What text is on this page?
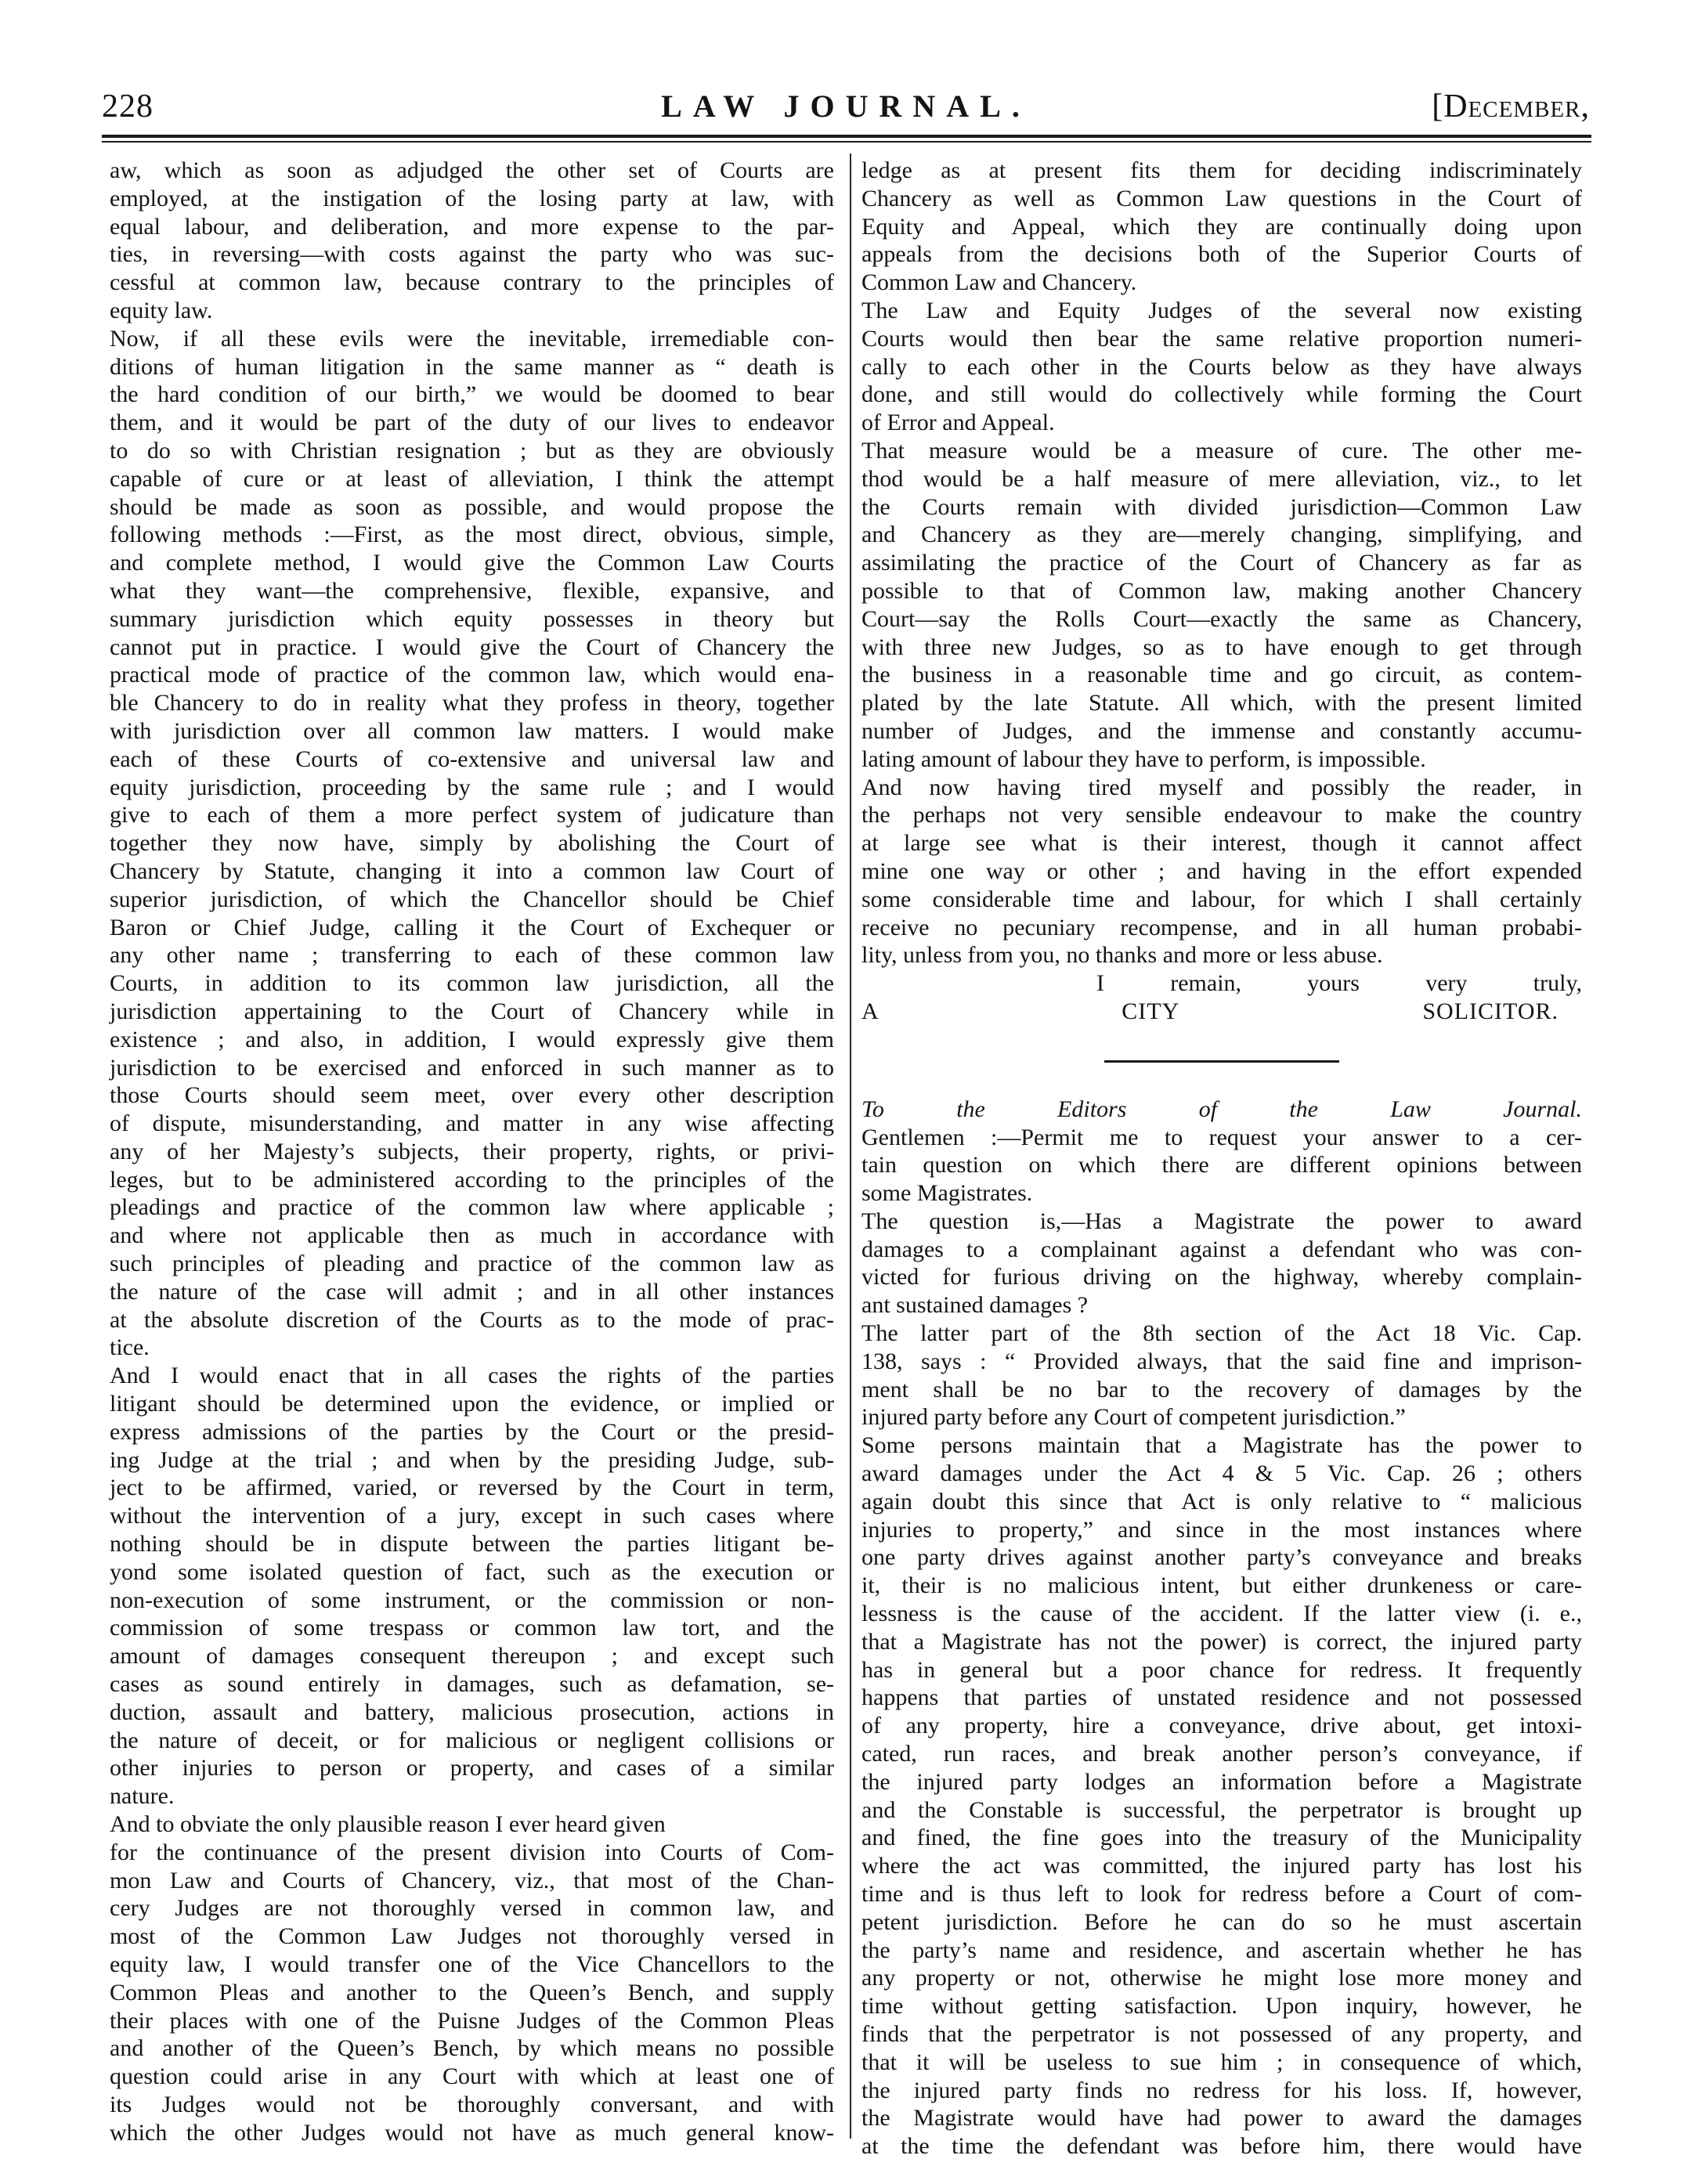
228	LAW JOURNAL.	[December,

aw, which as soon as adjudged the other set of Courts are

employed, at the instigation of the losing party at law, with

equal labour, and deliberation, and more expense to the par-

ties, in reversing—with costs against the party who was suc-

cessful at common law, because contrary to the principles of

equity law.

Now, if all these evils were the inevitable, irremediable con-

ditions of human litigation in the same manner as “ death is

the hard condition of our birth,” we would be doomed to bear

them, and it would be part of the duty of our lives to endeavor

to do so with Christian resignation ; but as they are obviously

capable of cure or at least of alleviation, I think the attempt

should be made as soon as possible, and would propose the

following methods :—First, as the most direct, obvious, simple,

and complete method, I would give the Common Law Courts

what they want—the comprehensive, flexible, expansive, and

summary jurisdiction which equity possesses in theory but

cannot put in practice. I would give the Court of Chancery the

practical mode of practice of the common law, which would ena-

ble Chancery to do in reality what they profess in theory, together

with jurisdiction over all common law matters. I would make

each of these Courts of co-extensive and universal law and

equity jurisdiction, proceeding by the same rule ; and I would

give to each of them a more perfect system of judicature than

together they now have, simply by abolishing the Court of

Chancery by Statute, changing it into a common law Court of

superior jurisdiction, of which the Chancellor should be Chief

Baron or Chief Judge, calling it the Court of Exchequer or

any other name ; transferring to each of these common law

Courts, in addition to its common law jurisdiction, all the

jurisdiction appertaining to the Court of Chancery while in

existence ; and also, in addition, I would expressly give them

jurisdiction to be exercised and enforced in such manner as to

those Courts should seem meet, over every other description

of dispute, misunderstanding, and matter in any wise affecting

any of her Majesty’s subjects, their property, rights, or privi-

leges, but to be administered according to the principles of the

pleadings and practice of the common law where applicable ;

and where not applicable then as much in accordance with

such principles of pleading and practice of the common law as

the nature of the case will admit ; and in all other instances

at the absolute discretion of the Courts as to the mode of prac-

tice.

And I would enact that in all cases the rights of the parties

litigant should be determined upon the evidence, or implied or

express admissions of the parties by the Court or the presid-

ing Judge at the trial ; and when by the presiding Judge, sub-

ject to be affirmed, varied, or reversed by the Court in term,

without the intervention of a jury, except in such cases where

nothing should be in dispute between the parties litigant be-

yond some isolated question of fact, such as the execution or

non-execution of some instrument, or the commission or non-

commission of some trespass or common law tort, and the

amount of damages consequent thereupon ; and except such

cases as sound entirely in damages, such as defamation, se-

duction, assault and battery, malicious prosecution, actions in

the nature of deceit, or for malicious or negligent collisions or

other injuries to person or property, and cases of a similar

nature.

And to obviate the only plausible reason I ever heard given

for the continuance of the present division into Courts of Com-

mon Law and Courts of Chancery, viz., that most of the Chan-

cery Judges are not thoroughly versed in common law, and

most of the Common Law Judges not thoroughly versed in

equity law, I would transfer one of the Vice Chancellors to the

Common Pleas and another to the Queen’s Bench, and supply

their places with one of the Puisne Judges of the Common Pleas

and another of the Queen’s Bench, by which means no possible

question could arise in any Court with which at least one of

its Judges would not be thoroughly conversant, and with

which the other Judges would not have as much general know-

ledge as at present fits them for deciding indiscriminately

Chancery as well as Common Law questions in the Court of

Equity and Appeal, which they are continually doing upon

appeals from the decisions both of the Superior Courts of

Common Law and Chancery.

The Law and Equity Judges of the several now existing

Courts would then bear the same relative proportion numeri-

cally to each other in the Courts below as they have always

done, and still would do collectively while forming the Court

of Error and Appeal.

That measure would be a measure of cure. The other me-

thod would be a half measure of mere alleviation, viz., to let

the Courts remain with divided jurisdiction—Common Law

and Chancery as they are—merely changing, simplifying, and

assimilating the practice of the Court of Chancery as far as

possible to that of Common law, making another Chancery

Court—say the Rolls Court—exactly the same as Chancery,

with three new Judges, so as to have enough to get through

the business in a reasonable time and go circuit, as contem-

plated by the late Statute. All which, with the present limited

number of Judges, and the immense and constantly accumu-

lating amount of labour they have to perform, is impossible.

And now having tired myself and possibly the reader, in

the perhaps not very sensible endeavour to make the country

at large see what is their interest, though it cannot affect

mine one way or other ; and having in the effort expended

some considerable time and labour, for which I shall certainly

receive no pecuniary recompense, and in all human probabi-

lity, unless from you, no thanks and more or less abuse.

I remain, yours very truly,

A CITY SOLICITOR.

To the Editors of the Law Journal.

Gentlemen :—Permit me to request your answer to a cer-

tain question on which there are different opinions between

some Magistrates.

The question is,—Has a Magistrate the power to award

damages to a complainant against a defendant who was con-

victed for furious driving on the highway, whereby complain-

ant sustained damages ?

The latter part of the 8th section of the Act 18 Vic. Cap.

138, says : “ Provided always, that the said fine and imprison-

ment shall be no bar to the recovery of damages by the

injured party before any Court of competent jurisdiction.”

Some persons maintain that a Magistrate has the power to

award damages under the Act 4 & 5 Vic. Cap. 26 ; others

again doubt this since that Act is only relative to “ malicious

injuries to property,” and since in the most instances where

one party drives against another party’s conveyance and breaks

it, their is no malicious intent, but either drunkeness or care-

lessness is the cause of the accident. If the latter view (i. e.,

that a Magistrate has not the power) is correct, the injured party

has in general but a poor chance for redress. It frequently

happens that parties of unstated residence and not possessed

of any property, hire a conveyance, drive about, get intoxi-

cated, run races, and break another person’s conveyance, if

the injured party lodges an information before a Magistrate

and the Constable is successful, the perpetrator is brought up

and fined, the fine goes into the treasury of the Municipality

where the act was committed, the injured party has lost his

time and is thus left to look for redress before a Court of com-

petent jurisdiction. Before he can do so he must ascertain

the party’s name and residence, and ascertain whether he has

any property or not, otherwise he might lose more money and

time without getting satisfaction. Upon inquiry, however, he

finds that the perpetrator is not possessed of any property, and

that it will be useless to sue him ; in consequence of which,

the injured party finds no redress for his loss. If, however,

the Magistrate would have had power to award the damages

at the time the defendant was before him, there would have
